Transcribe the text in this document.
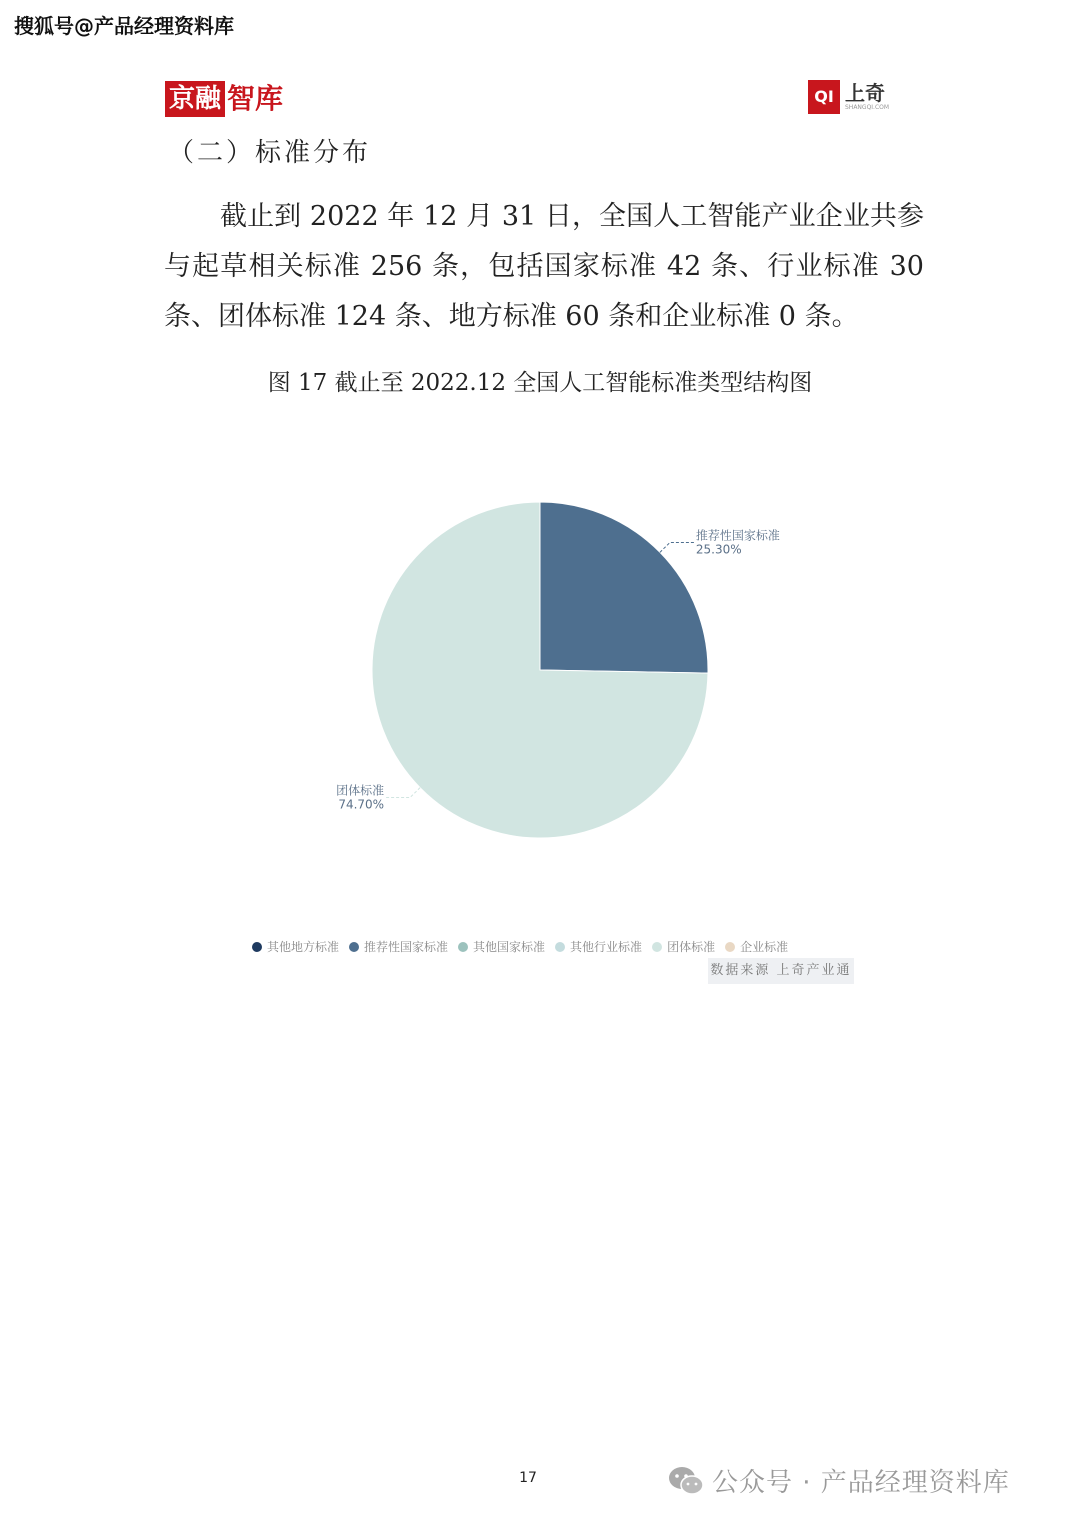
搜狐号@产品经理资料库
京融 智库	QI 上奇
SHANGQI.COM
（二）标准分布

截止到 2022 年 12 月 31 日，全国人工智能产业企业共参与起草相关标准 256 条，包括国家标准 42 条、行业标准 30 条、团体标准 124 条、地方标准 60 条和企业标准 0 条。

图 17 截止至 2022.12 全国人工智能标准类型结构图
推荐性国家标准
25.30%
团体标准
74.70%
其他地方标准 推荐性国家标准 其他国家标准 其他行业标准 团体标准 企业标准
数据来源 上奇产业通
17	公众号 · 产品经理资料库
